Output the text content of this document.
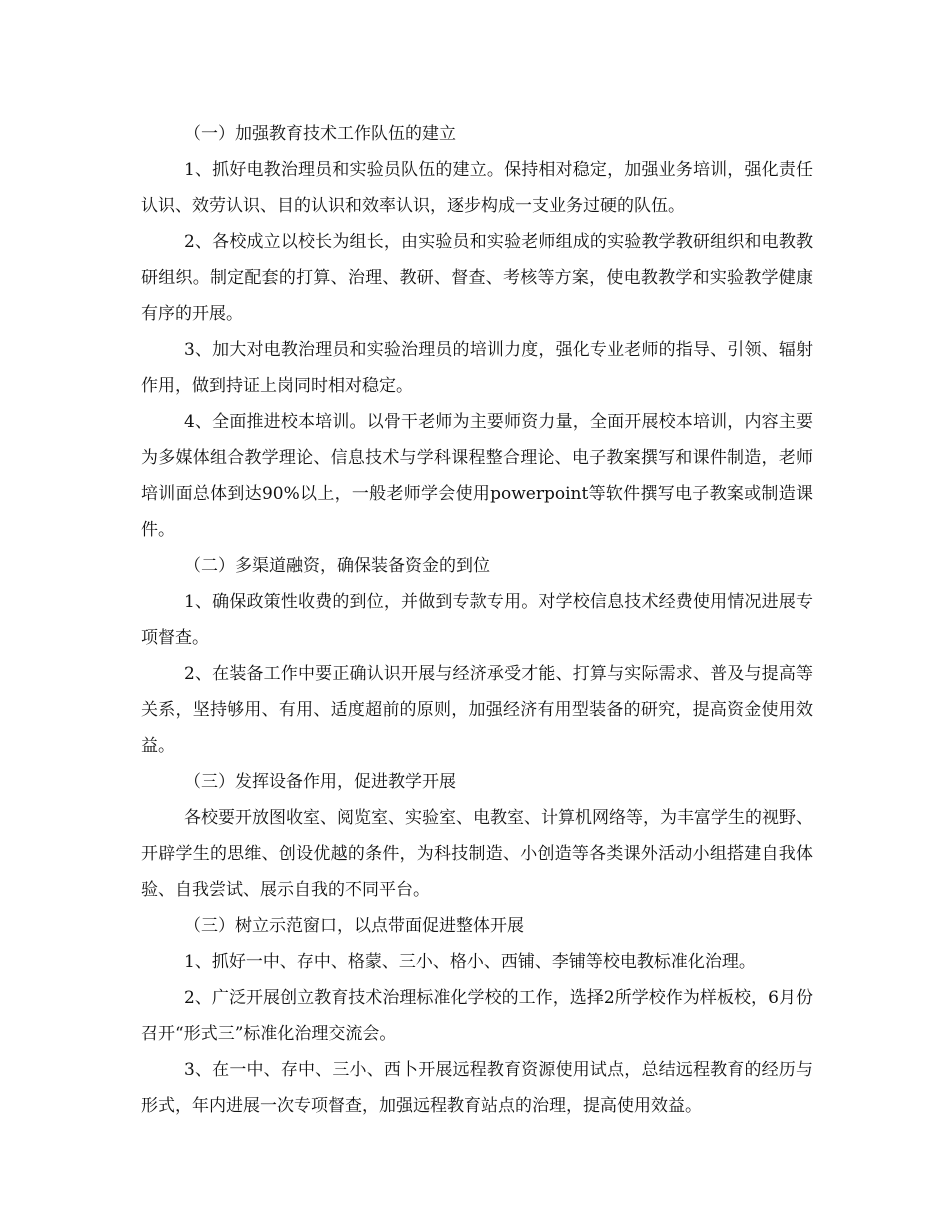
（一）加强教育技术工作队伍的建立

1、抓好电教治理员和实验员队伍的建立。保持相对稳定，加强业务培训，强化责任认识、效劳认识、目的认识和效率认识，逐步构成一支业务过硬的队伍。

2、各校成立以校长为组长，由实验员和实验老师组成的实验教学教研组织和电教教研组织。制定配套的打算、治理、教研、督查、考核等方案，使电教教学和实验教学健康有序的开展。

3、加大对电教治理员和实验治理员的培训力度，强化专业老师的指导、引领、辐射作用，做到持证上岗同时相对稳定。

4、全面推进校本培训。以骨干老师为主要师资力量，全面开展校本培训，内容主要为多媒体组合教学理论、信息技术与学科课程整合理论、电子教案撰写和课件制造，老师培训面总体到达90%以上，一般老师学会使用powerpoint等软件撰写电子教案或制造课件。

（二）多渠道融资，确保装备资金的到位

1、确保政策性收费的到位，并做到专款专用。对学校信息技术经费使用情况进展专项督查。

2、在装备工作中要正确认识开展与经济承受才能、打算与实际需求、普及与提高等关系，坚持够用、有用、适度超前的原则，加强经济有用型装备的研究，提高资金使用效益。

（三）发挥设备作用，促进教学开展

各校要开放图收室、阅览室、实验室、电教室、计算机网络等，为丰富学生的视野、开辟学生的思维、创设优越的条件，为科技制造、小创造等各类课外活动小组搭建自我体验、自我尝试、展示自我的不同平台。

（三）树立示范窗口，以点带面促进整体开展

1、抓好一中、存中、格蒙、三小、格小、西铺、李铺等校电教标准化治理。

2、广泛开展创立教育技术治理标准化学校的工作，选择2所学校作为样板校，6月份召开“形式三”标准化治理交流会。

3、在一中、存中、三小、西卜开展远程教育资源使用试点，总结远程教育的经历与形式，年内进展一次专项督查，加强远程教育站点的治理，提高使用效益。
